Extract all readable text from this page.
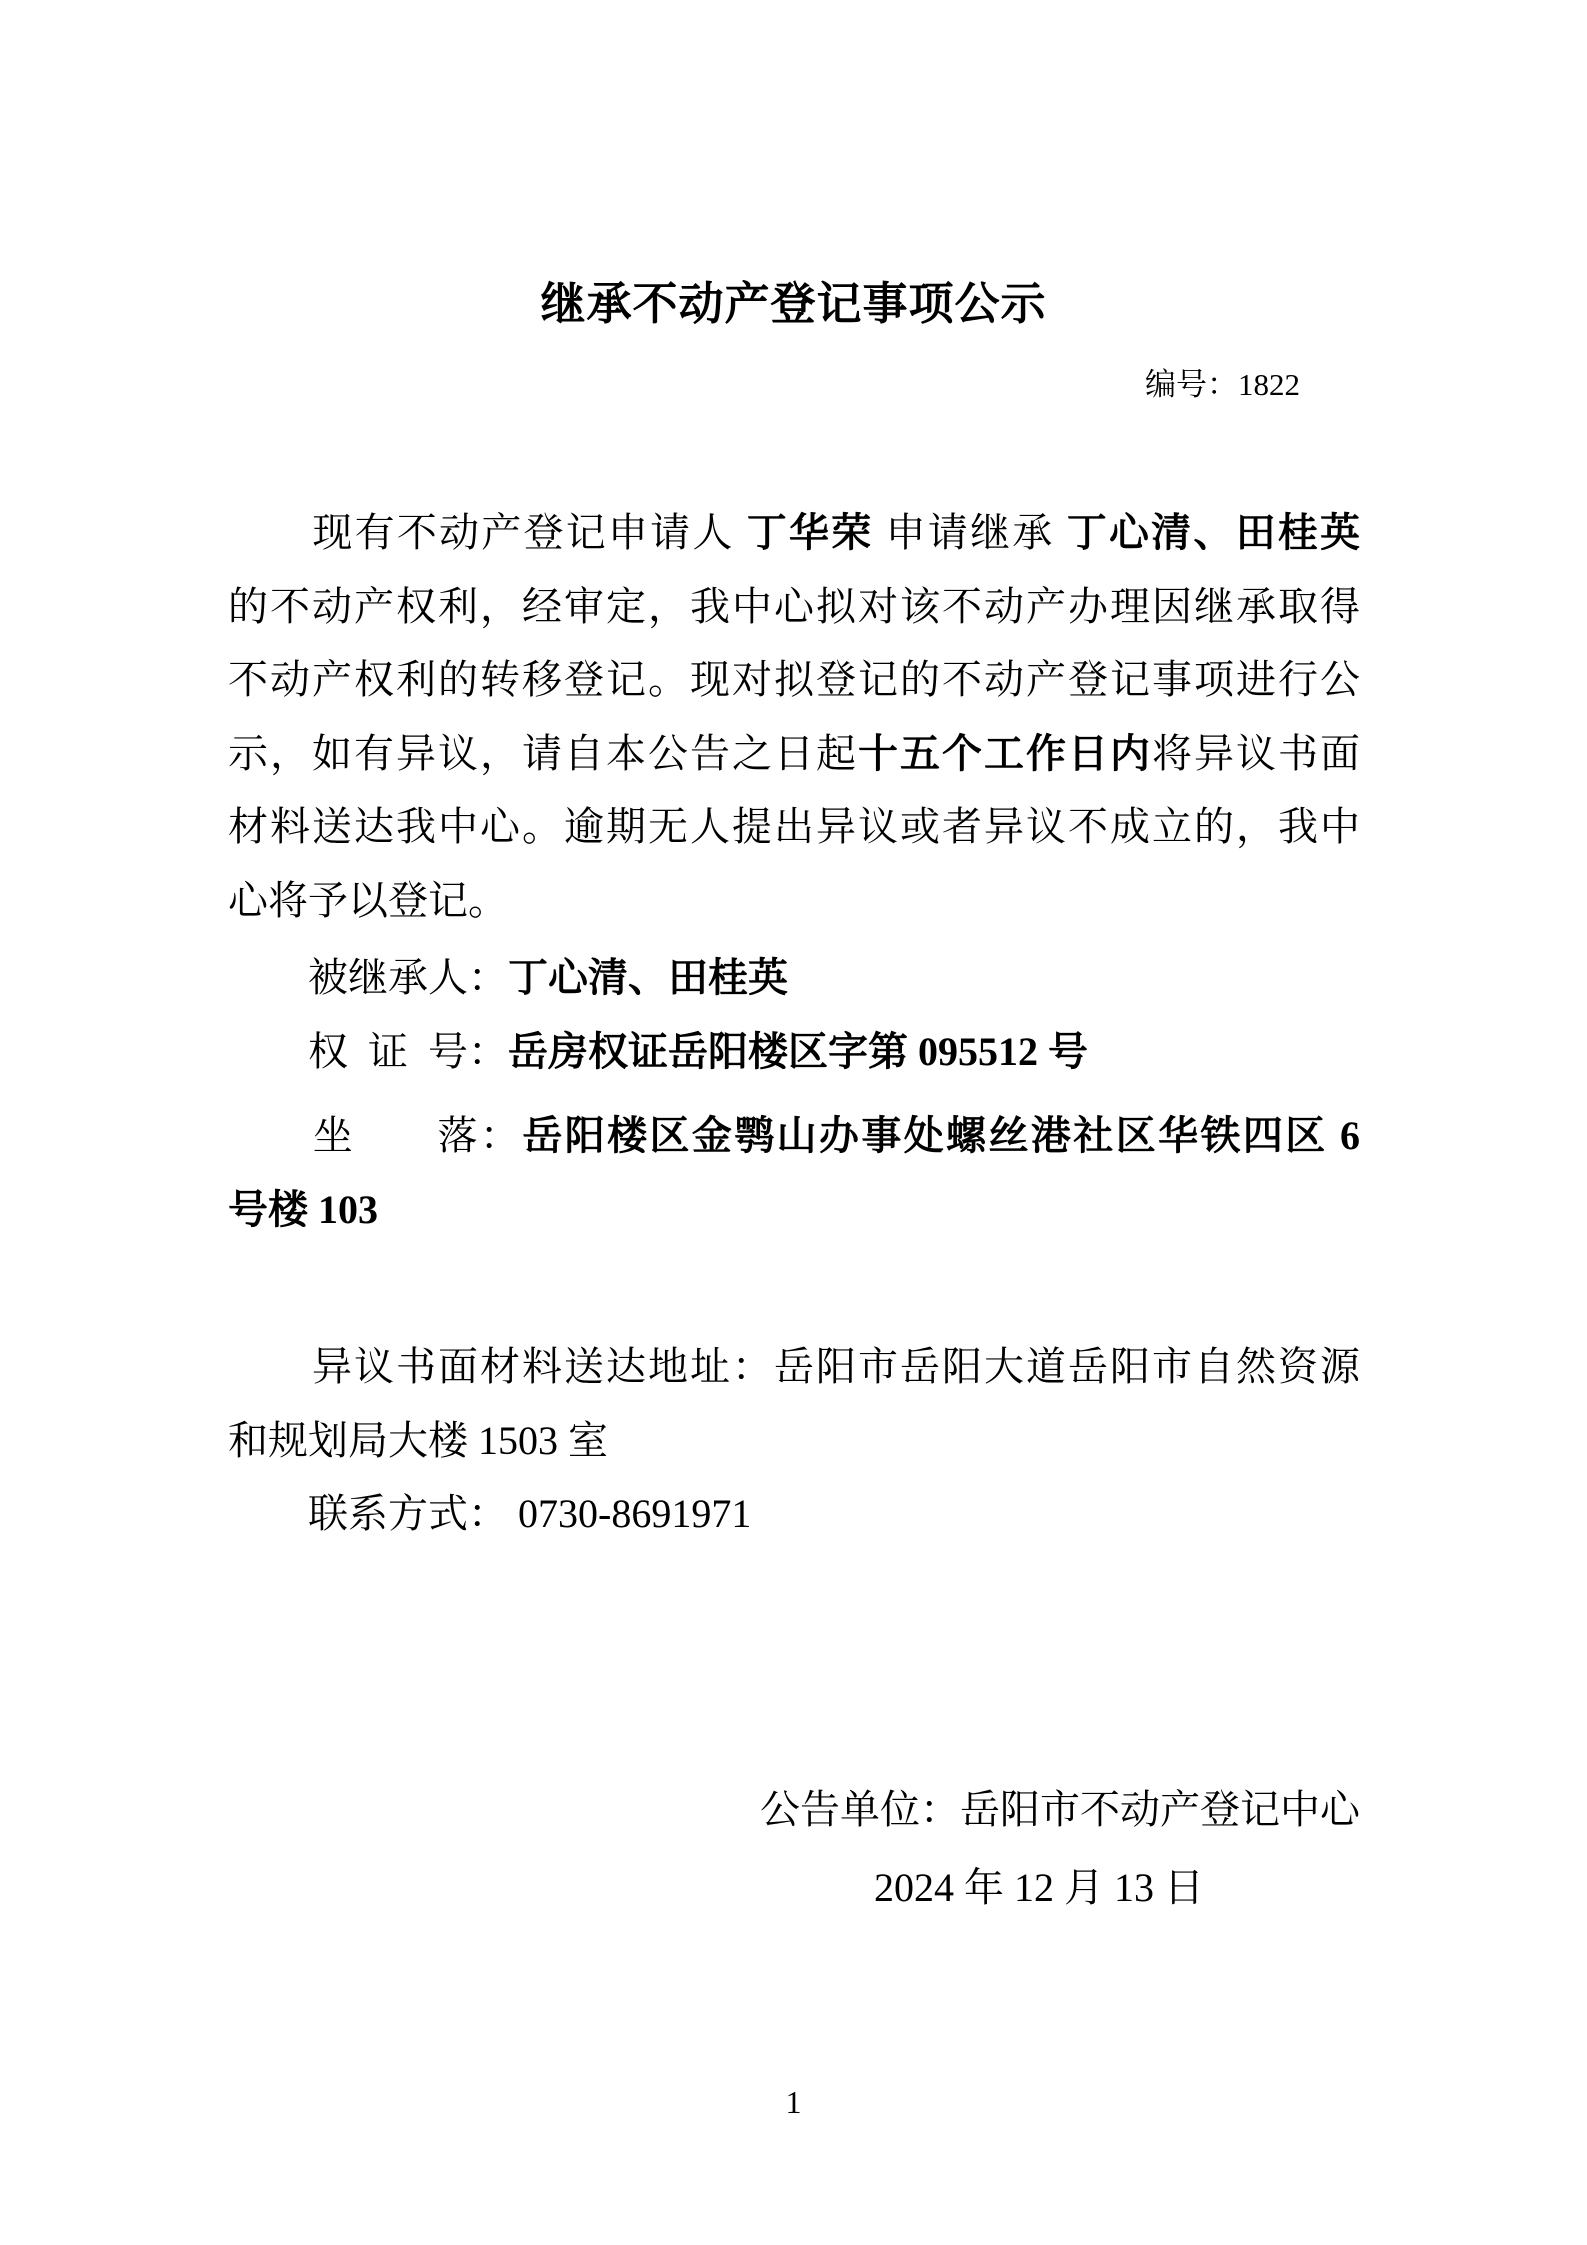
继承不动产登记事项公示
编号：1822
　　现有不动产登记申请人 丁华荣 申请继承 丁心清、田桂英
的不动产权利，经审定，我中心拟对该不动产办理因继承取得
不动产权利的转移登记。现对拟登记的不动产登记事项进行公
示，如有异议，请自本公告之日起十五个工作日内将异议书面
材料送达我中心。逾期无人提出异议或者异议不成立的，我中
心将予以登记。
　　被继承人：丁心清、田桂英
　　权 证 号：岳房权证岳阳楼区字第 095512 号
　　坐  落：岳阳楼区金鹗山办事处螺丝港社区华铁四区 6
号楼 103
　　异议书面材料送达地址：岳阳市岳阳大道岳阳市自然资源
和规划局大楼 1503 室
　　联系方式： 0730-8691971
公告单位：岳阳市不动产登记中心
2024 年 12 月 13 日
1
